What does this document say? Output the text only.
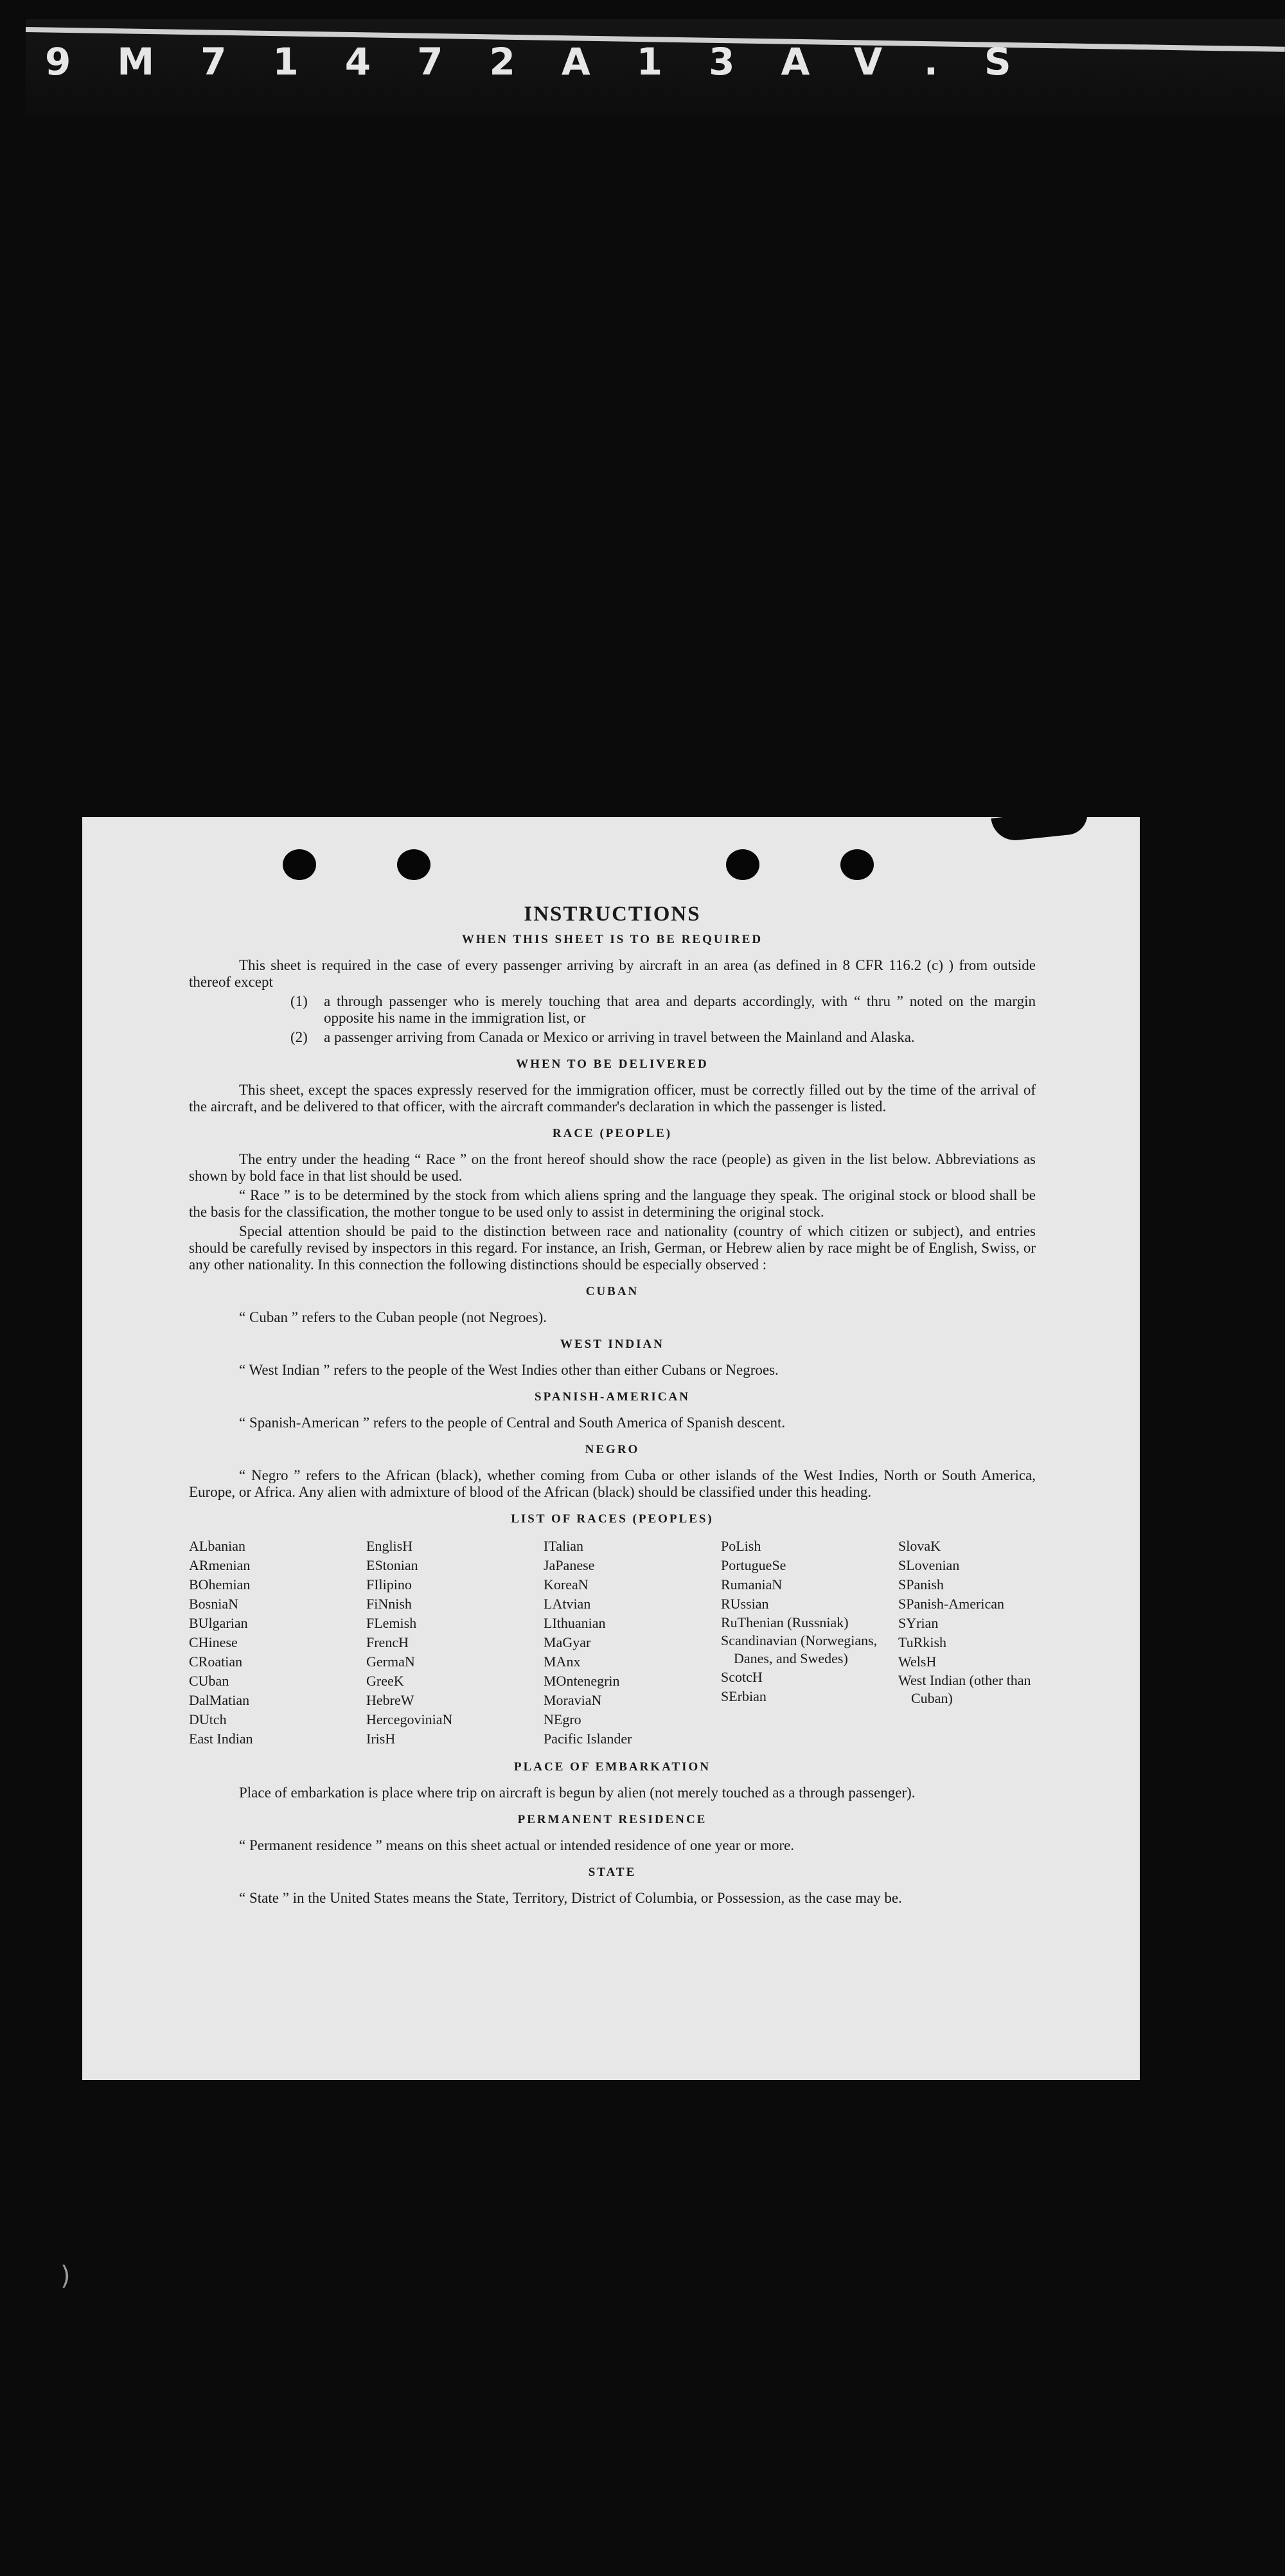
9M71472A13AV.S
)
INSTRUCTIONS
WHEN THIS SHEET IS TO BE REQUIRED

This sheet is required in the case of every passenger arriving by aircraft in an area (as defined in 8 CFR 116.2 (c) ) from outside thereof except

(1)	a through passenger who is merely touching that area and departs accordingly, with “ thru ” noted on the margin opposite his name in the immigration list, or
(2)	a passenger arriving from Canada or Mexico or arriving in travel between the Mainland and Alaska.
WHEN TO BE DELIVERED

This sheet, except the spaces expressly reserved for the immigration officer, must be correctly filled out by the time of the arrival of the aircraft, and be delivered to that officer, with the aircraft commander's declaration in which the passenger is listed.

RACE (PEOPLE)

The entry under the heading “ Race ” on the front hereof should show the race (people) as given in the list below. Abbreviations as shown by bold face in that list should be used.

“ Race ” is to be determined by the stock from which aliens spring and the language they speak. The original stock or blood shall be the basis for the classification, the mother tongue to be used only to assist in determining the original stock.

Special attention should be paid to the distinction between race and nationality (country of which citizen or subject), and entries should be carefully revised by inspectors in this regard. For instance, an Irish, German, or Hebrew alien by race might be of English, Swiss, or any other nationality. In this connection the following distinctions should be especially observed :

CUBAN

“ Cuban ” refers to the Cuban people (not Negroes).

WEST INDIAN

“ West Indian ” refers to the people of the West Indies other than either Cubans or Negroes.

SPANISH-AMERICAN

“ Spanish-American ” refers to the people of Central and South America of Spanish descent.

NEGRO

“ Negro ” refers to the African (black), whether coming from Cuba or other islands of the West Indies, North or South America, Europe, or Africa. Any alien with admixture of blood of the African (black) should be classified under this heading.

LIST OF RACES (PEOPLES)
ALbanian
ARmenian
BOhemian
BosniaN
BUlgarian
CHinese
CRoatian
CUban
DalMatian
DUtch
East Indian
EnglisH
EStonian
FIlipino
FiNnish
FLemish
FrencH
GermaN
GreeK
HebreW
HercegoviniaN
IrisH
ITalian
JaPanese
KoreaN
LAtvian
LIthuanian
MaGyar
MAnx
MOntenegrin
MoraviaN
NEgro
Pacific Islander
PoLish
PortugueSe
RumaniaN
RUssian
RuThenian (Russniak)
Scandinavian (Norwegians, Danes, and Swedes)
ScotcH
SErbian
SlovaK
SLovenian
SPanish
SPanish-American
SYrian
TuRkish
WelsH
West Indian (other than Cuban)
PLACE OF EMBARKATION

Place of embarkation is place where trip on aircraft is begun by alien (not merely touched as a through passenger).

PERMANENT RESIDENCE

“ Permanent residence ” means on this sheet actual or intended residence of one year or more.

STATE

“ State ” in the United States means the State, Territory, District of Columbia, or Possession, as the case may be.
